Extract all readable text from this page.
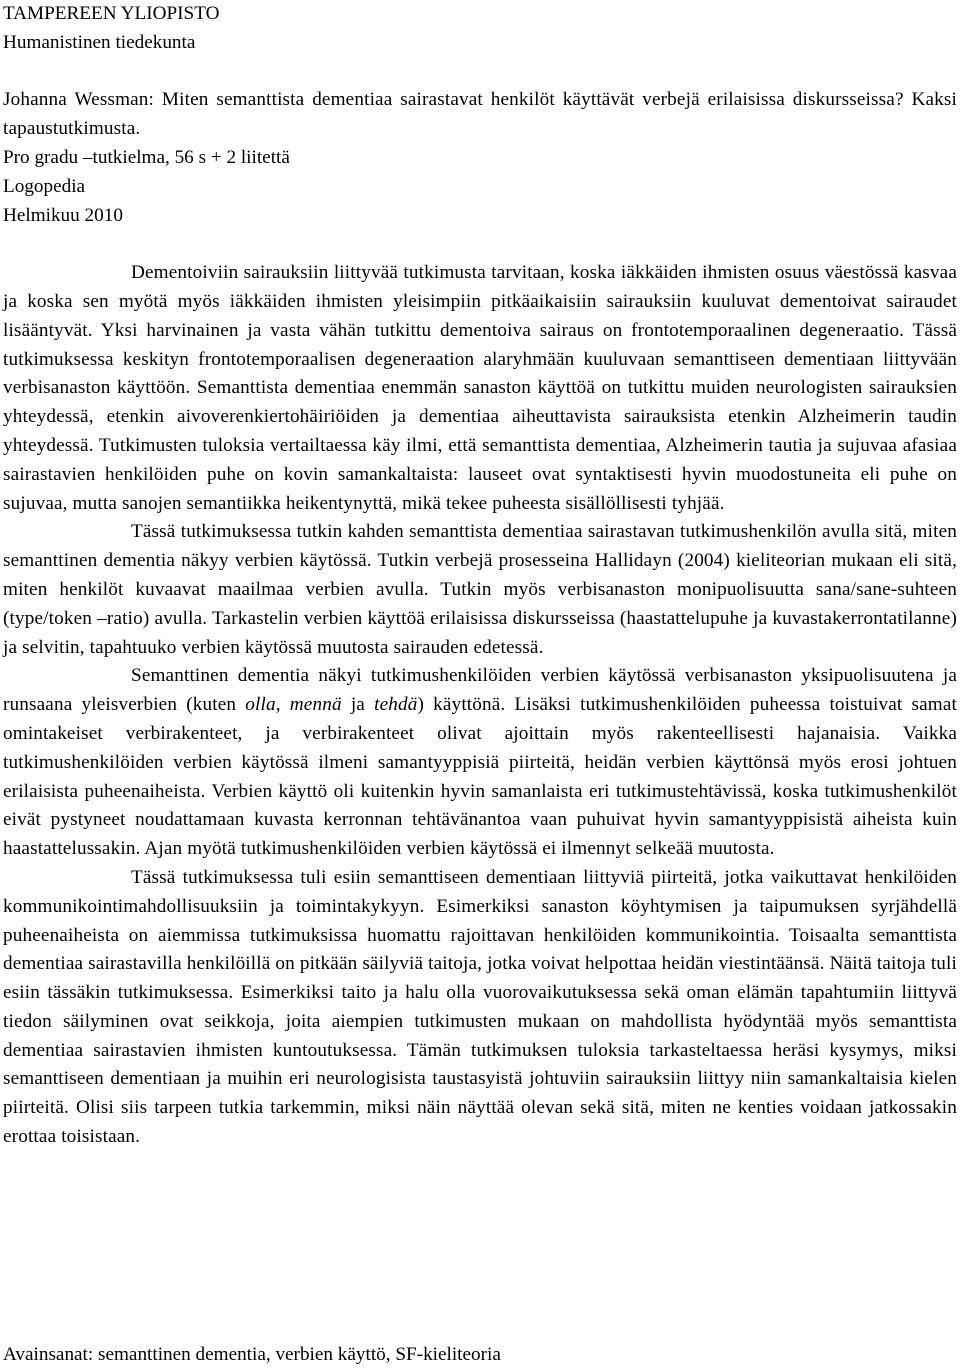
TAMPEREEN YLIOPISTO

Humanistinen tiedekunta

Johanna Wessman: Miten semanttista dementiaa sairastavat henkilöt käyttävät verbejä erilaisissa diskursseissa? Kaksi tapaustutkimusta.

Pro gradu –tutkielma, 56 s + 2 liitettä

Logopedia

Helmikuu 2010

Dementoiviin sairauksiin liittyvää tutkimusta tarvitaan, koska iäkkäiden ihmisten osuus väestössä kasvaa ja koska sen myötä myös iäkkäiden ihmisten yleisimpiin pitkäaikaisiin sairauksiin kuuluvat dementoivat sairaudet lisääntyvät. Yksi harvinainen ja vasta vähän tutkittu dementoiva sairaus on frontotemporaalinen degeneraatio. Tässä tutkimuksessa keskityn frontotemporaalisen degeneraation alaryhmään kuuluvaan semanttiseen dementiaan liittyvään verbisanaston käyttöön. Semanttista dementiaa enemmän sanaston käyttöä on tutkittu muiden neurologisten sairauksien yhteydessä, etenkin aivoverenkiertohäiriöiden ja dementiaa aiheuttavista sairauksista etenkin Alzheimerin taudin yhteydessä. Tutkimusten tuloksia vertailtaessa käy ilmi, että semanttista dementiaa, Alzheimerin tautia ja sujuvaa afasiaa sairastavien henkilöiden puhe on kovin samankaltaista: lauseet ovat syntaktisesti hyvin muodostuneita eli puhe on sujuvaa, mutta sanojen semantiikka heikentynyttä, mikä tekee puheesta sisällöllisesti tyhjää.

Tässä tutkimuksessa tutkin kahden semanttista dementiaa sairastavan tutkimushenkilön avulla sitä, miten semanttinen dementia näkyy verbien käytössä. Tutkin verbejä prosesseina Hallidayn (2004) kieliteorian mukaan eli sitä, miten henkilöt kuvaavat maailmaa verbien avulla. Tutkin myös verbisanaston monipuolisuutta sana/sane-suhteen (type/token –ratio) avulla. Tarkastelin verbien käyttöä erilaisissa diskursseissa (haastattelupuhe ja kuvastakerrontatilanne) ja selvitin, tapahtuuko verbien käytössä muutosta sairauden edetessä.

Semanttinen dementia näkyi tutkimushenkilöiden verbien käytössä verbisanaston yksipuolisuutena ja runsaana yleisverbien (kuten olla, mennä ja tehdä) käyttönä. Lisäksi tutkimushenkilöiden puheessa toistuivat samat omintakeiset verbirakenteet, ja verbirakenteet olivat ajoittain myös rakenteellisesti hajanaisia. Vaikka tutkimushenkilöiden verbien käytössä ilmeni samantyyppisiä piirteitä, heidän verbien käyttönsä myös erosi johtuen erilaisista puheenaiheista. Verbien käyttö oli kuitenkin hyvin samanlaista eri tutkimustehtävissä, koska tutkimushenkilöt eivät pystyneet noudattamaan kuvasta kerronnan tehtävänantoa vaan puhuivat hyvin samantyyppisistä aiheista kuin haastattelussakin. Ajan myötä tutkimushenkilöiden verbien käytössä ei ilmennyt selkeää muutosta.

Tässä tutkimuksessa tuli esiin semanttiseen dementiaan liittyviä piirteitä, jotka vaikuttavat henkilöiden kommunikointimahdollisuuksiin ja toimintakykyyn. Esimerkiksi sanaston köyhtymisen ja taipumuksen syrjähdellä puheenaiheista on aiemmissa tutkimuksissa huomattu rajoittavan henkilöiden kommunikointia. Toisaalta semanttista dementiaa sairastavilla henkilöillä on pitkään säilyviä taitoja, jotka voivat helpottaa heidän viestintäänsä. Näitä taitoja tuli esiin tässäkin tutkimuksessa. Esimerkiksi taito ja halu olla vuorovaikutuksessa sekä oman elämän tapahtumiin liittyvä tiedon säilyminen ovat seikkoja, joita aiempien tutkimusten mukaan on mahdollista hyödyntää myös semanttista dementiaa sairastavien ihmisten kuntoutuksessa. Tämän tutkimuksen tuloksia tarkasteltaessa heräsi kysymys, miksi semanttiseen dementiaan ja muihin eri neurologisista taustasyistä johtuviin sairauksiin liittyy niin samankaltaisia kielen piirteitä. Olisi siis tarpeen tutkia tarkemmin, miksi näin näyttää olevan sekä sitä, miten ne kenties voidaan jatkossakin erottaa toisistaan.

Avainsanat: semanttinen dementia, verbien käyttö, SF-kieliteoria
